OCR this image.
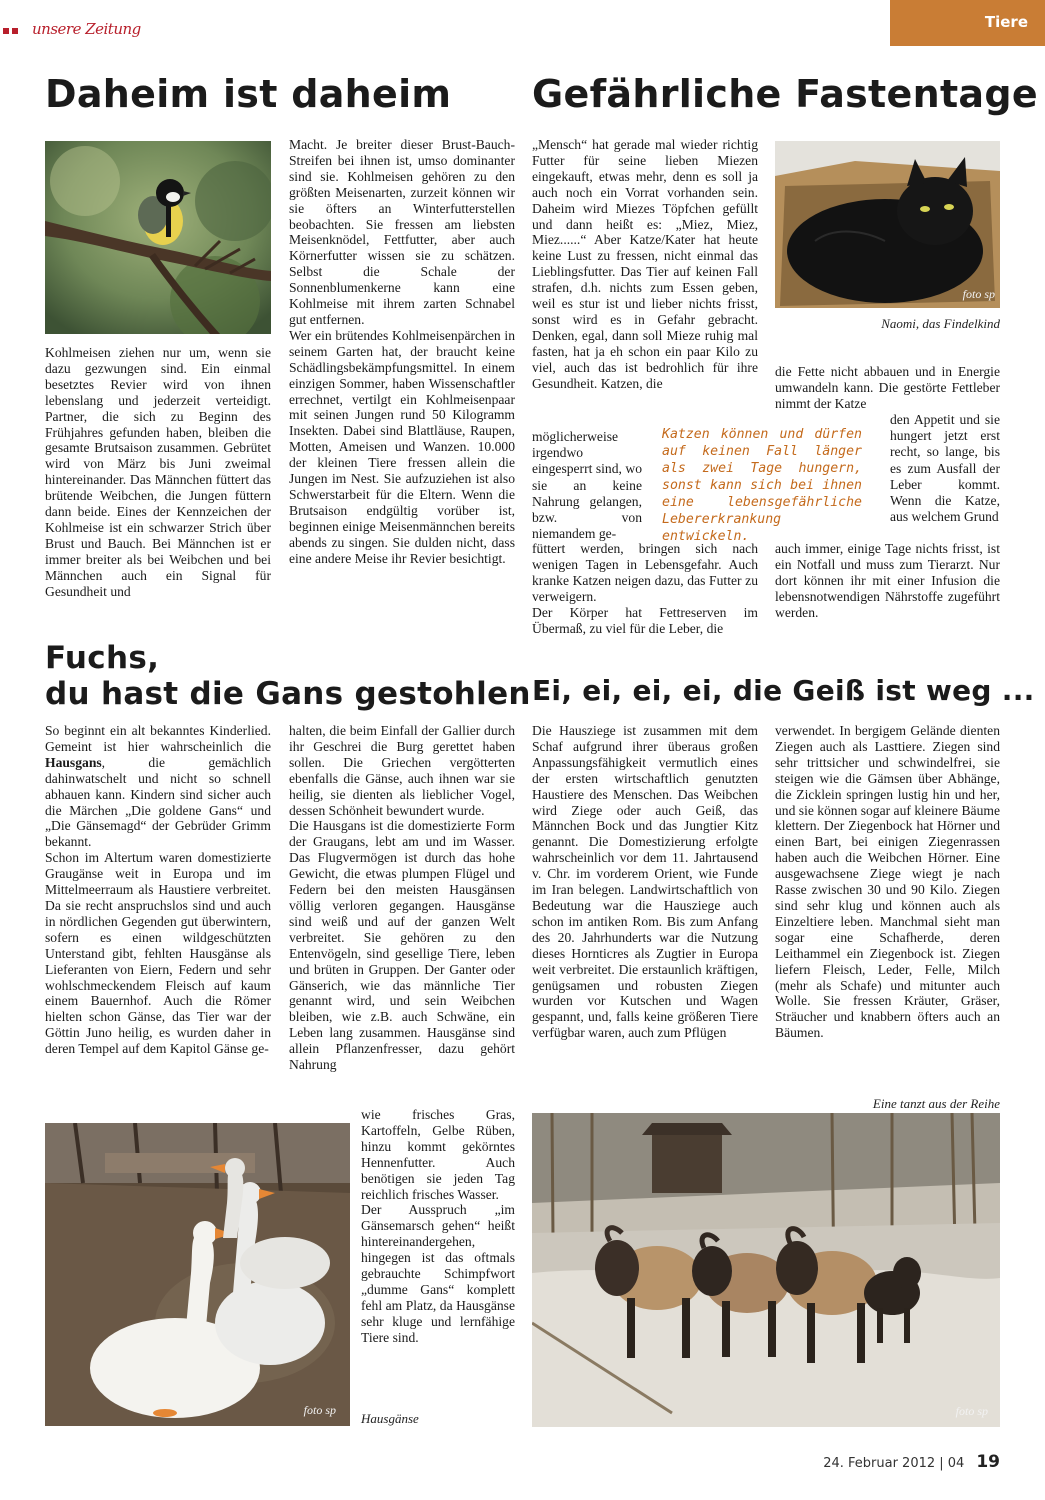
unsere Zeitung	Tiere
Daheim ist daheim
Kohlmeisen ziehen nur um, wenn sie dazu gezwungen sind. Ein einmal besetztes Revier wird von ihnen lebenslang und jederzeit verteidigt. Partner, die sich zu Beginn des Frühjahres gefunden haben, bleiben die gesamte Brutsaison zusammen. Gebrütet wird von März bis Juni zweimal hintereinander. Das Männchen füttert das brütende Weibchen, die Jungen füttern dann beide. Eines der Kennzeichen der Kohlmeise ist ein schwarzer Strich über Brust und Bauch. Bei Männchen ist er immer breiter als bei Weibchen und bei Männchen auch ein Signal für Gesundheit und

Macht. Je breiter dieser Brust-Bauch-Streifen bei ihnen ist, umso dominanter sind sie. Kohlmeisen gehören zu den größten Meisenarten, zurzeit können wir sie öfters an Winterfutterstellen beobachten. Sie fressen am liebsten Meisenknödel, Fettfutter, aber auch Körnerfutter wissen sie zu schätzen. Selbst die Schale der Sonnenblumenkerne kann eine Kohlmeise mit ihrem zarten Schnabel gut entfernen.

Wer ein brütendes Kohlmeisenpärchen in seinem Garten hat, der braucht keine Schädlingsbekämpfungsmittel. In einem einzigen Sommer, haben Wissenschaftler errechnet, vertilgt ein Kohlmeisenpaar mit seinen Jungen rund 50 Kilogramm Insekten. Dabei sind Blattläuse, Raupen, Motten, Ameisen und Wanzen. 10.000 der kleinen Tiere fressen allein die Jungen im Nest. Sie aufzuziehen ist also Schwerstarbeit für die Eltern. Wenn die Brutsaison endgültig vorüber ist, beginnen einige Meisenmännchen bereits abends zu singen. Sie dulden nicht, dass eine andere Meise ihr Revier besichtigt.

Gefährliche Fastentage
„Mensch“ hat gerade mal wieder richtig Futter für seine lieben Miezen eingekauft, etwas mehr, denn es soll ja auch noch ein Vorrat vorhanden sein. Daheim wird Miezes Töpfchen gefüllt und dann heißt es: „Miez, Miez, Miez......“ Aber Katze/Kater hat heute keine Lust zu fressen, nicht einmal das Lieblingsfutter. Das Tier auf keinen Fall strafen, d.h. nichts zum Essen geben, weil es stur ist und lieber nichts frisst, sonst wird es in Gefahr gebracht. Denken, egal, dann soll Mieze ruhig mal fasten, hat ja eh schon ein paar Kilo zu viel, auch das ist bedrohlich für ihre Gesundheit. Katzen, die
foto sp
Naomi, das Findelkind
möglicherweise irgendwo eingesperrt sind, wo sie an keine Nahrung gelangen, bzw. von niemandem ge-
Katzen können und dürfen auf keinen Fall länger als zwei Tage hungern, sonst kann sich bei ihnen eine lebensgefährliche Lebererkrankung entwickeln.

füttert werden, bringen sich nach wenigen Tagen in Lebensgefahr. Auch kranke Katzen neigen dazu, das Futter zu verweigern.

Der Körper hat Fettreserven im Übermaß, zu viel für die Leber, die

die Fette nicht abbauen und in Energie umwandeln kann. Die gestörte Fettleber nimmt der Katze
den Appetit und sie hungert jetzt erst recht, so lange, bis es zum Ausfall der Leber kommt. Wenn die Katze, aus welchem Grund
auch immer, einige Tage nichts frisst, ist ein Notfall und muss zum Tierarzt. Nur dort können ihr mit einer Infusion die lebensnotwendigen Nährstoffe zugeführt werden.
Fuchs,
du hast die Gans gestohlen

So beginnt ein alt bekanntes Kinderlied. Gemeint ist hier wahrscheinlich die Hausgans, die gemächlich dahinwatschelt und nicht so schnell abhauen kann. Kindern sind sicher auch die Märchen „Die goldene Gans“ und „Die Gänsemagd“ der Gebrüder Grimm bekannt.

Schon im Altertum waren domestizierte Graugänse weit in Europa und im Mittelmeerraum als Haustiere verbreitet. Da sie recht anspruchslos sind und auch in nördlichen Gegenden gut überwintern, sofern es einen wildgeschützten Unterstand gibt, fehlten Hausgänse als Lieferanten von Eiern, Federn und sehr wohlschmeckendem Fleisch auf kaum einem Bauernhof. Auch die Römer hielten schon Gänse, das Tier war der Göttin Juno heilig, es wurden daher in deren Tempel auf dem Kapitol Gänse ge-

halten, die beim Einfall der Gallier durch ihr Geschrei die Burg gerettet haben sollen. Die Griechen vergötterten ebenfalls die Gänse, auch ihnen war sie heilig, sie dienten als lieblicher Vogel, dessen Schönheit bewundert wurde.

Die Hausgans ist die domestizierte Form der Graugans, lebt am und im Wasser. Das Flugvermögen ist durch das hohe Gewicht, die etwas plumpen Flügel und Federn bei den meisten Hausgänsen völlig verloren gegangen. Hausgänse sind weiß und auf der ganzen Welt verbreitet. Sie gehören zu den Entenvögeln, sind gesellige Tiere, leben und brüten in Gruppen. Der Ganter oder Gänserich, wie das männliche Tier genannt wird, und sein Weibchen bleiben, wie z.B. auch Schwäne, ein Leben lang zusammen. Hausgänse sind allein Pflanzenfresser, dazu gehört Nahrung

wie frisches Gras, Kartoffeln, Gelbe Rüben, hinzu kommt gekörntes Hennenfutter. Auch benötigen sie jeden Tag reichlich frisches Wasser.

Der Ausspruch „im Gänsemarsch gehen“ heißt hintereinandergehen, hingegen ist das oftmals gebrauchte Schimpfwort „dumme Gans“ komplett fehl am Platz, da Hausgänse sehr kluge und lernfähige Tiere sind.

foto sp
Hausgänse
Ei, ei, ei, ei, die Geiß ist weg ...
Die Hausziege ist zusammen mit dem Schaf aufgrund ihrer überaus großen Anpassungsfähigkeit vermutlich eines der ersten wirtschaftlich genutzten Haustiere des Menschen. Das Weibchen wird Ziege oder auch Geiß, das Männchen Bock und das Jungtier Kitz genannt. Die Domestizierung erfolgte wahrscheinlich vor dem 11. Jahrtausend v. Chr. im vorderem Orient, wie Funde im Iran belegen. Landwirtschaftlich von Bedeutung war die Hausziege auch schon im antiken Rom. Bis zum Anfang des 20. Jahrhunderts war die Nutzung dieses Hornticres als Zugtier in Europa weit verbreitet. Die erstaunlich kräftigen, genügsamen und robusten Ziegen wurden vor Kutschen und Wagen gespannt, und, falls keine größeren Tiere verfügbar waren, auch zum Pflügen
verwendet. In bergigem Gelände dienten Ziegen auch als Lasttiere. Ziegen sind sehr trittsicher und schwindelfrei, sie steigen wie die Gämsen über Abhänge, die Zicklein springen lustig hin und her, und sie können sogar auf kleinere Bäume klettern. Der Ziegenbock hat Hörner und einen Bart, bei einigen Ziegenrassen haben auch die Weibchen Hörner. Eine ausgewachsene Ziege wiegt je nach Rasse zwischen 30 und 90 Kilo. Ziegen sind sehr klug und können auch als Einzeltiere leben. Manchmal sieht man sogar eine Schafherde, deren Leithammel ein Ziegenbock ist. Ziegen liefern Fleisch, Leder, Felle, Milch (mehr als Schafe) und mitunter auch Wolle. Sie fressen Kräuter, Gräser, Sträucher und knabbern öfters auch an Bäumen.
Eine tanzt aus der Reihe
foto sp
24. Februar 2012 | 04 19
